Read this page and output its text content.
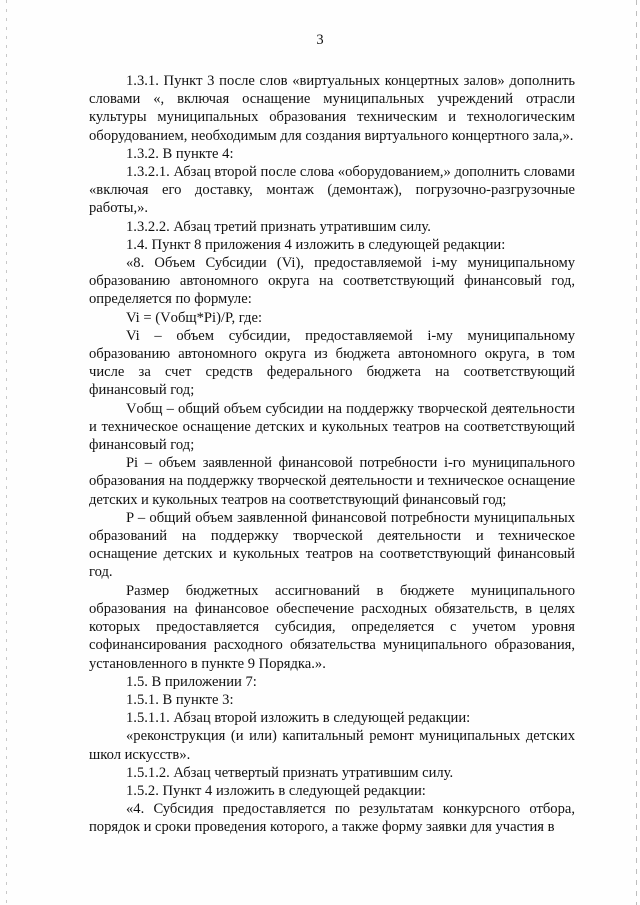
3

1.3.1. Пункт 3 после слов «виртуальных концертных залов» дополнить словами «, включая оснащение муниципальных учреждений отрасли культуры муниципальных образования техническим и технологическим оборудованием, необходимым для создания виртуального концертного зала,».

1.3.2. В пункте 4:

1.3.2.1. Абзац второй после слова «оборудованием,» дополнить словами «включая его доставку, монтаж (демонтаж), погрузочно-разгрузочные работы,».

1.3.2.2. Абзац третий признать утратившим силу.

1.4. Пункт 8 приложения 4 изложить в следующей редакции:

«8. Объем Субсидии (Vi), предоставляемой i-му муниципальному образованию автономного округа на соответствующий финансовый год, определяется по формуле:

Vi = (Vобщ*Pi)/P, где:

Vi – объем субсидии, предоставляемой i-му муниципальному образованию автономного округа из бюджета автономного округа, в том числе за счет средств федерального бюджета на соответствующий финансовый год;

Vобщ – общий объем субсидии на поддержку творческой деятельности и техническое оснащение детских и кукольных театров на соответствующий финансовый год;

Pi – объем заявленной финансовой потребности i-го муниципального образования на поддержку творческой деятельности и техническое оснащение детских и кукольных театров на соответствующий финансовый год;

P – общий объем заявленной финансовой потребности муниципальных образований на поддержку творческой деятельности и техническое оснащение детских и кукольных театров на соответствующий финансовый год.

Размер бюджетных ассигнований в бюджете муниципального образования на финансовое обеспечение расходных обязательств, в целях которых предоставляется субсидия, определяется с учетом уровня софинансирования расходного обязательства муниципального образования, установленного в пункте 9 Порядка.».

1.5. В приложении 7:

1.5.1. В пункте 3:

1.5.1.1. Абзац второй изложить в следующей редакции:

«реконструкция (и или) капитальный ремонт муниципальных детских школ искусств».

1.5.1.2. Абзац четвертый признать утратившим силу.

1.5.2. Пункт 4 изложить в следующей редакции:

«4. Субсидия предоставляется по результатам конкурсного отбора, порядок и сроки проведения которого, а также форму заявки для участия в
